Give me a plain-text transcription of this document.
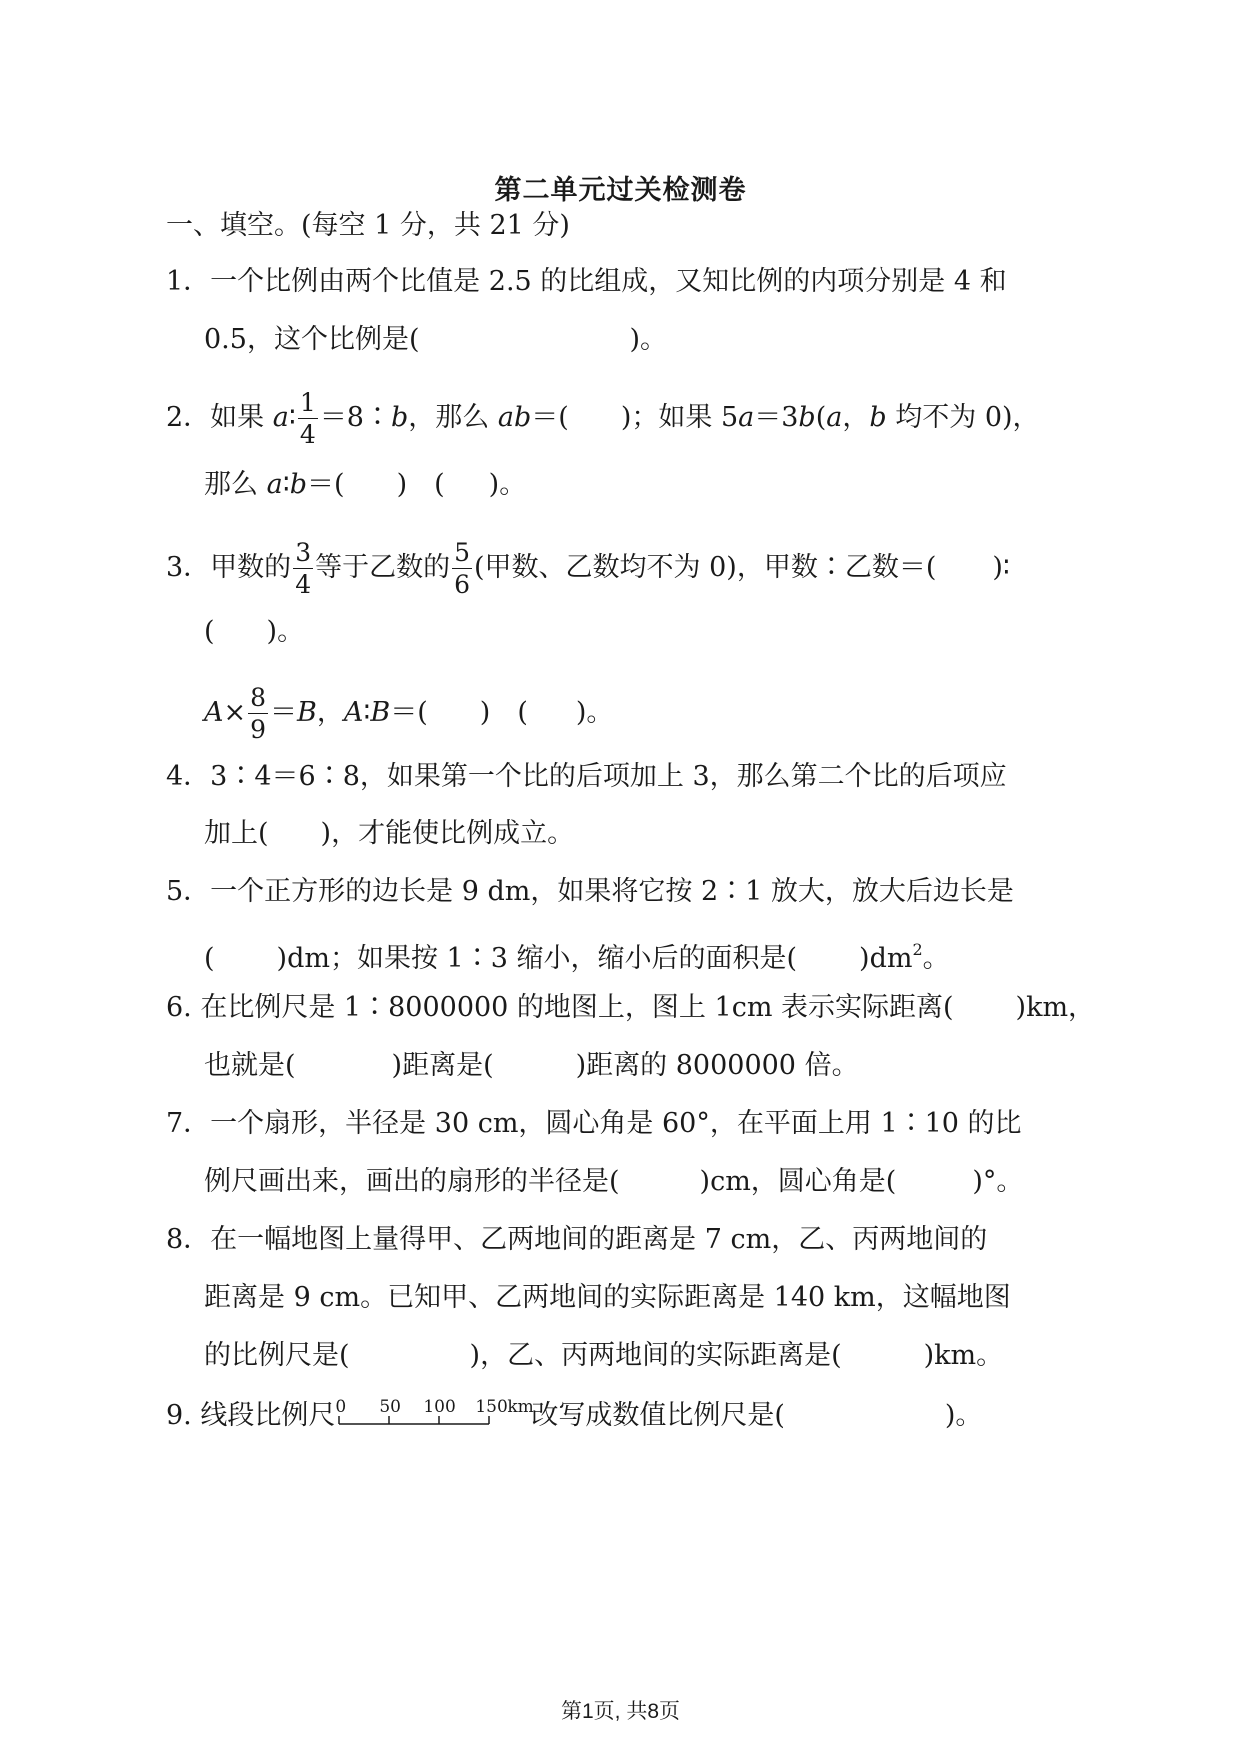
第二单元过关检测卷
一、填空。(每空 1 分，共 21 分)
1．一个比例由两个比值是 2.5 的比组成，又知比例的内项分别是 4 和
0.5，这个比例是(	)。
2．如果 a∶ $\frac{1}{4}$ ＝8∶b，那么 ab＝( )；如果 5a＝3b(a，b 均不为 0)，
那么 a∶b＝( )　( )。
3．甲数的 $\frac{3}{4}$ 等于乙数的 $\frac{5}{6}$ (甲数、乙数均不为 0)，甲数∶乙数＝( )∶
( )。
$A\times \frac{8}{9} =B$，A∶B＝( )　( )。
4．3∶4＝6∶8，如果第一个比的后项加上 3，那么第二个比的后项应
加上( )，才能使比例成立。
5．一个正方形的边长是 9 dm，如果将它按 2∶1 放大，放大后边长是
( )dm；如果按 1∶3 缩小，缩小后的面积是( )$dm^2$。
6. 在比例尺是 1∶8000000 的地图上，图上 1cm 表示实际距离( )km，
也就是(	)距离是(	)距离的 8000000 倍。
7．一个扇形，半径是 30 cm，圆心角是 60°，在平面上用 1∶10 的比
例尺画出来，画出的扇形的半径是(	)cm，圆心角是(	)°。
8．在一幅地图上量得甲、乙两地间的距离是 7 cm，乙、丙两地间的
距离是 9 cm。已知甲、乙两地间的实际距离是 140 km，这幅地图
的比例尺是(	)，乙、丙两地间的实际距离是(	)km。
9. 线段比例尺 0 50 100 150 km
改写成数值比例尺是(	)。
第1页, 共8页
